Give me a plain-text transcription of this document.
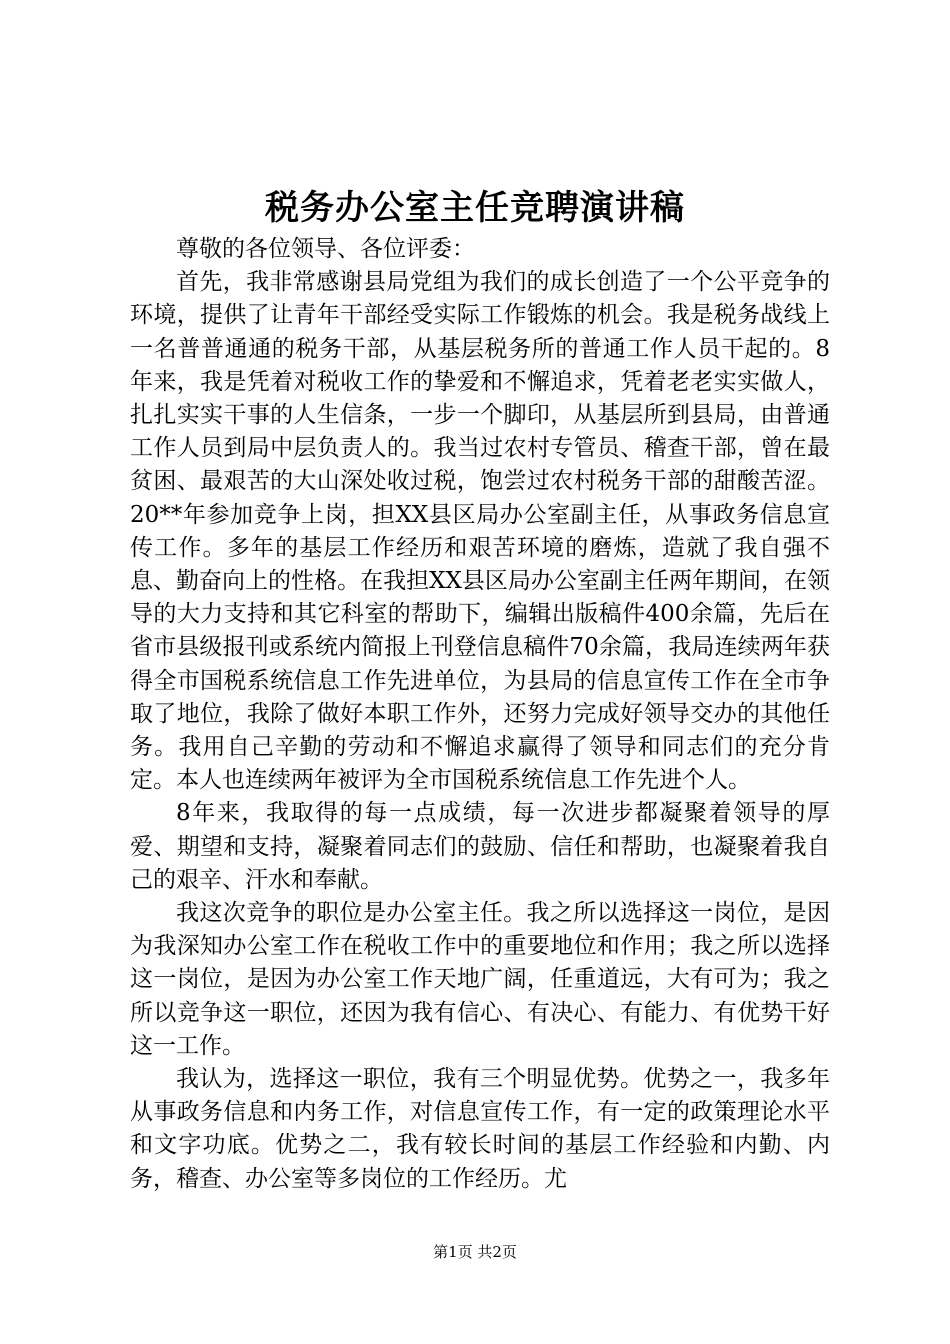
税务办公室主任竞聘演讲稿

尊敬的各位领导、各位评委：

首先，我非常感谢县局党组为我们的成长创造了一个公平竞争的环境，提供了让青年干部经受实际工作锻炼的机会。我是税务战线上一名普普通通的税务干部，从基层税务所的普通工作人员干起的。8年来，我是凭着对税收工作的挚爱和不懈追求，凭着老老实实做人，扎扎实实干事的人生信条，一步一个脚印，从基层所到县局，由普通工作人员到局中层负责人的。我当过农村专管员、稽查干部，曾在最贫困、最艰苦的大山深处收过税，饱尝过农村税务干部的甜酸苦涩。20**年参加竞争上岗，担XX县区局办公室副主任，从事政务信息宣传工作。多年的基层工作经历和艰苦环境的磨炼，造就了我自强不息、勤奋向上的性格。在我担XX县区局办公室副主任两年期间，在领导的大力支持和其它科室的帮助下，编辑出版稿件400余篇，先后在省市县级报刊或系统内简报上刊登信息稿件70余篇，我局连续两年获得全市国税系统信息工作先进单位，为县局的信息宣传工作在全市争取了地位，我除了做好本职工作外，还努力完成好领导交办的其他任务。我用自己辛勤的劳动和不懈追求赢得了领导和同志们的充分肯定。本人也连续两年被评为全市国税系统信息工作先进个人。

8年来，我取得的每一点成绩，每一次进步都凝聚着领导的厚爱、期望和支持，凝聚着同志们的鼓励、信任和帮助，也凝聚着我自己的艰辛、汗水和奉献。

我这次竞争的职位是办公室主任。我之所以选择这一岗位，是因为我深知办公室工作在税收工作中的重要地位和作用；我之所以选择这一岗位，是因为办公室工作天地广阔，任重道远，大有可为；我之所以竞争这一职位，还因为我有信心、有决心、有能力、有优势干好这一工作。

我认为，选择这一职位，我有三个明显优势。优势之一，我多年从事政务信息和内务工作，对信息宣传工作，有一定的政策理论水平和文字功底。优势之二，我有较长时间的基层工作经验和内勤、内务，稽查、办公室等多岗位的工作经历。尤

第1页 共2页
